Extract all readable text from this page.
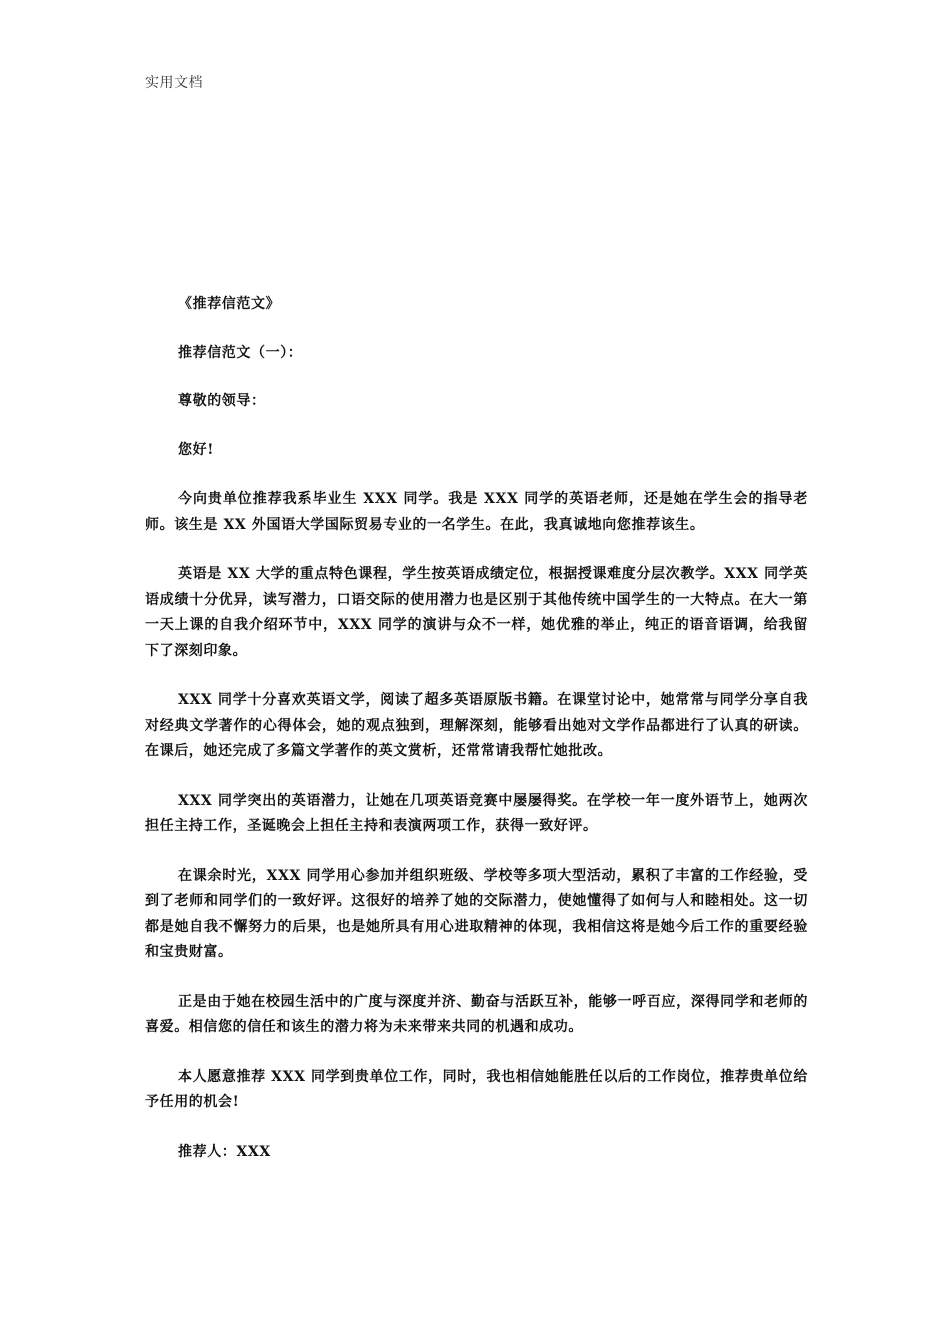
实用文档

《推荐信范文》

推荐信范文（一）：

尊敬的领导：

您好!

今向贵单位推荐我系毕业生 XXX 同学。我是 XXX 同学的英语老师，还是她在学生会的指导老师。该生是 XX 外国语大学国际贸易专业的一名学生。在此，我真诚地向您推荐该生。

英语是 XX 大学的重点特色课程，学生按英语成绩定位，根据授课难度分层次教学。XXX 同学英语成绩十分优异，读写潜力，口语交际的使用潜力也是区别于其他传统中国学生的一大特点。在大一第一天上课的自我介绍环节中，XXX 同学的演讲与众不一样，她优雅的举止，纯正的语音语调，给我留下了深刻印象。

XXX 同学十分喜欢英语文学，阅读了超多英语原版书籍。在课堂讨论中，她常常与同学分享自我对经典文学著作的心得体会，她的观点独到，理解深刻，能够看出她对文学作品都进行了认真的研读。在课后，她还完成了多篇文学著作的英文赏析，还常常请我帮忙她批改。

XXX 同学突出的英语潜力，让她在几项英语竞赛中屡屡得奖。在学校一年一度外语节上，她两次担任主持工作，圣诞晚会上担任主持和表演两项工作，获得一致好评。

在课余时光，XXX 同学用心参加并组织班级、学校等多项大型活动，累积了丰富的工作经验，受到了老师和同学们的一致好评。这很好的培养了她的交际潜力，使她懂得了如何与人和睦相处。这一切都是她自我不懈努力的后果，也是她所具有用心进取精神的体现，我相信这将是她今后工作的重要经验和宝贵财富。

正是由于她在校园生活中的广度与深度并济、勤奋与活跃互补，能够一呼百应，深得同学和老师的喜爱。相信您的信任和该生的潜力将为未来带来共同的机遇和成功。

本人愿意推荐 XXX 同学到贵单位工作，同时，我也相信她能胜任以后的工作岗位，推荐贵单位给予任用的机会!

推荐人：XXX
